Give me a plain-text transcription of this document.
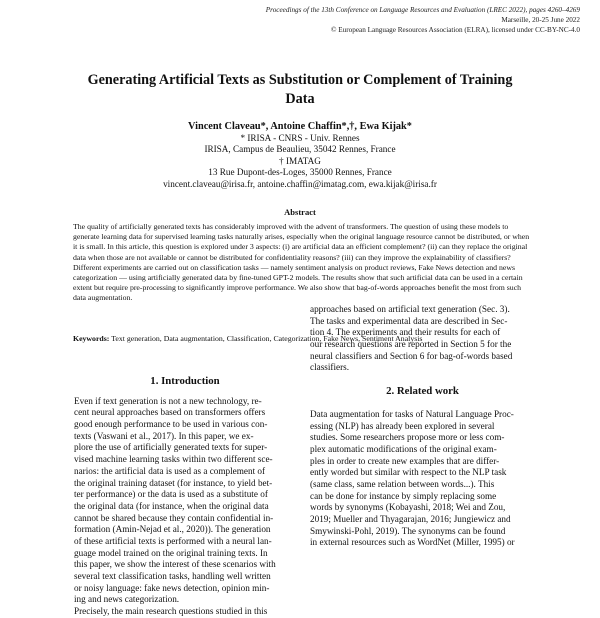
Proceedings of the 13th Conference on Language Resources and Evaluation (LREC 2022), pages 4260–4269
Marseille, 20-25 June 2022
© European Language Resources Association (ELRA), licensed under CC-BY-NC-4.0
Generating Artificial Texts as Substitution or Complement of Training
Data
Vincent Claveau*, Antoine Chaffin*,†, Ewa Kijak*
* IRISA - CNRS - Univ. Rennes
IRISA, Campus de Beaulieu, 35042 Rennes, France
† IMATAG
13 Rue Dupont-des-Loges, 35000 Rennes, France
vincent.claveau@irisa.fr, antoine.chaffin@imatag.com, ewa.kijak@irisa.fr
Abstract
The quality of artificially generated texts has considerably improved with the advent of transformers. The question of using these models to generate learning data for supervised learning tasks naturally arises, especially when the original language resource cannot be distributed, or when it is small. In this article, this question is explored under 3 aspects: (i) are artificial data an efficient complement? (ii) can they replace the original data when those are not available or cannot be distributed for confidentiality reasons? (iii) can they improve the explainability of classifiers? Different experiments are carried out on classification tasks — namely sentiment analysis on product reviews, Fake News detection and news categorization — using artificially generated data by fine-tuned GPT-2 models. The results show that such artificial data can be used in a certain extent but require pre-processing to significantly improve performance. We also show that bag-of-words approaches benefit the most from such data augmentation.
Keywords: Text generation, Data augmentation, Classification, Categorization, Fake News, Sentiment Analysis
1. Introduction
Even if text generation is not a new technology, re-
cent neural approaches based on transformers offers
good enough performance to be used in various con-
texts (Vaswani et al., 2017). In this paper, we ex-
plore the use of artificially generated texts for super-
vised machine learning tasks within two different sce-
narios: the artificial data is used as a complement of
the original training dataset (for instance, to yield bet-
ter performance) or the data is used as a substitute of
the original data (for instance, when the original data
cannot be shared because they contain confidential in-
formation (Amin-Nejad et al., 2020)). The generation
of these artificial texts is performed with a neural lan-
guage model trained on the original training texts. In
this paper, we show the interest of these scenarios with
several text classification tasks, handling well written
or noisy language: fake news detection, opinion min-
ing and news categorization.
Precisely, the main research questions studied in this
approaches based on artificial text generation (Sec. 3).
The tasks and experimental data are described in Sec-
tion 4. The experiments and their results for each of
our research questions are reported in Section 5 for the
neural classifiers and Section 6 for bag-of-words based
classifiers.
2. Related work
Data augmentation for tasks of Natural Language Proc-
essing (NLP) has already been explored in several
studies. Some researchers propose more or less com-
plex automatic modifications of the original exam-
ples in order to create new examples that are differ-
ently worded but similar with respect to the NLP task
(same class, same relation between words...). This
can be done for instance by simply replacing some
words by synonyms (Kobayashi, 2018; Wei and Zou,
2019; Mueller and Thyagarajan, 2016; Jungiewicz and
Smywinski-Pohl, 2019). The synonyms can be found
in external resources such as WordNet (Miller, 1995) or
